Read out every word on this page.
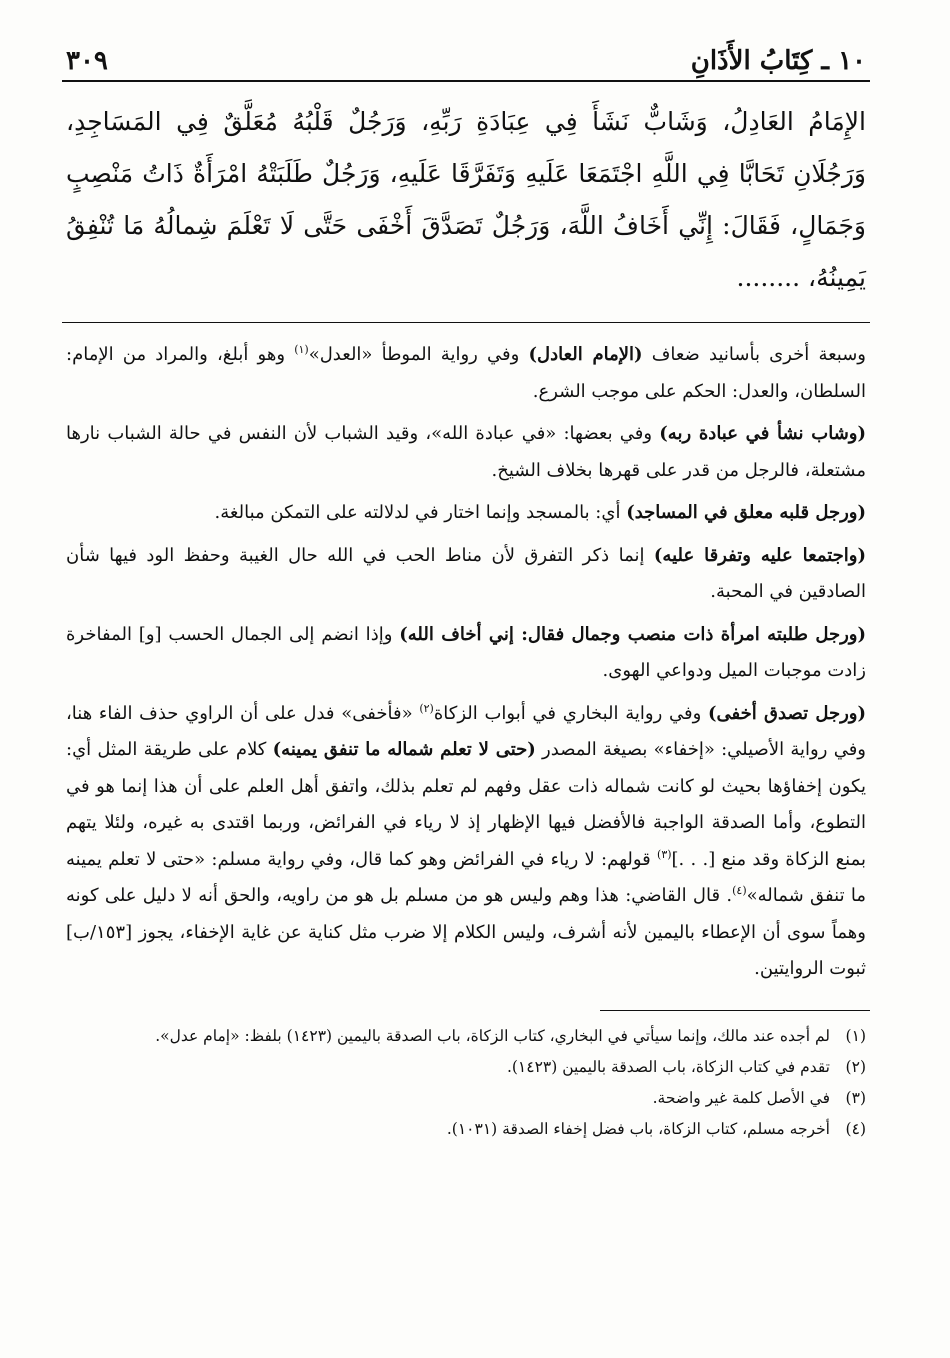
١٠ ـ كِتَابُ الأَذَانِ
٣٠٩
الإِمَامُ العَادِلُ، وَشَابٌّ نَشَأَ فِي عِبَادَةِ رَبِّهِ، وَرَجُلٌ قَلْبُهُ مُعَلَّقٌ فِي المَسَاجِدِ، وَرَجُلَانِ تَحَابَّا فِي اللَّهِ اجْتَمَعَا عَلَيهِ وَتَفَرَّقَا عَلَيهِ، وَرَجُلٌ طَلَبَتْهُ امْرَأَةٌ ذَاتُ مَنْصِبٍ وَجَمَالٍ، فَقَالَ: إِنِّي أَخَافُ اللَّهَ، وَرَجُلٌ تَصَدَّقَ أَخْفَى حَتَّى لَا تَعْلَمَ شِمالُهُ مَا تُنْفِقُ يَمِينُهُ، ........

وسبعة أخرى بأسانيد ضعاف (الإمام العادل) وفي رواية الموطأ «العدل»$^{(١)}$ وهو أبلغ، والمراد من الإمام: السلطان، والعدل: الحكم على موجب الشرع.

(وشاب نشأ في عبادة ربه) وفي بعضها: «في عبادة الله»، وقيد الشباب لأن النفس في حالة الشباب نارها مشتعلة، فالرجل من قدر على قهرها بخلاف الشيخ.

(ورجل قلبه معلق في المساجد) أي: بالمسجد وإنما اختار في لدلالته على التمكن مبالغة.

(واجتمعا عليه وتفرقا عليه) إنما ذكر التفرق لأن مناط الحب في الله حال الغيبة وحفظ الود فيها شأن الصادقين في المحبة.

(ورجل طلبته امرأة ذات منصب وجمال فقال: إني أخاف الله) وإذا انضم إلى الجمال الحسب [و] المفاخرة زادت موجبات الميل ودواعي الهوى.

(ورجل تصدق أخفى) وفي رواية البخاري في أبواب الزكاة$^{(٢)}$ «فأخفى» فدل على أن الراوي حذف الفاء هنا، وفي رواية الأصيلي: «إخفاء» بصيغة المصدر (حتى لا تعلم شماله ما تنفق يمينه) كلام على طريقة المثل أي: يكون إخفاؤها بحيث لو كانت شماله ذات عقل وفهم لم تعلم بذلك، واتفق أهل العلم على أن هذا إنما هو في التطوع، وأما الصدقة الواجبة فالأفضل فيها الإظهار إذ لا رياء في الفرائض، وربما اقتدى به غيره، ولئلا يتهم بمنع الزكاة وقد منع [. . .]$^{(٣)}$ قولهم: لا رياء في الفرائض وهو كما قال، وفي رواية مسلم: «حتى لا تعلم يمينه ما تنفق شماله»$^{(٤)}$. قال القاضي: هذا وهم وليس هو من مسلم بل هو من راويه، والحق أنه لا دليل على كونه وهماً سوى أن الإعطاء باليمين لأنه أشرف، وليس الكلام إلا ضرب مثل كناية عن غاية الإخفاء، يجوز [١٥٣/ب] ثبوت الروايتين.

(١)
لم أجده عند مالك، وإنما سيأتي في البخاري، كتاب الزكاة، باب الصدقة باليمين (١٤٢٣) بلفظ: «إمام عدل».
(٢)
تقدم في كتاب الزكاة، باب الصدقة باليمين (١٤٢٣).
(٣)
في الأصل كلمة غير واضحة.
(٤)
أخرجه مسلم، كتاب الزكاة، باب فضل إخفاء الصدقة (١٠٣١).
